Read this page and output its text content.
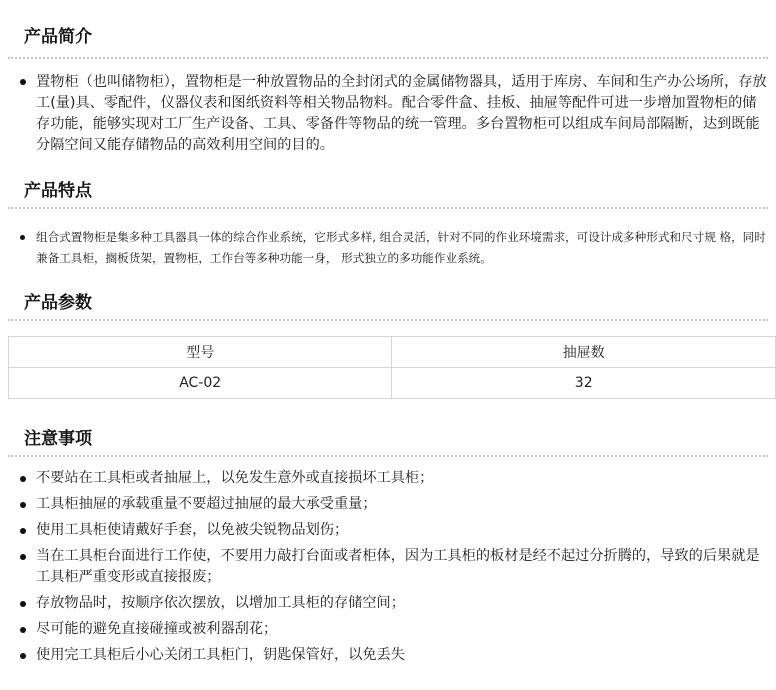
产品简介
置物柜（也叫储物柜），置物柜是一种放置物品的全封闭式的金属储物器具，适用于库房、车间和生产办公场所，存放工(量)具、零配件，仪器仪表和图纸资料等相关物品物料。配合零件盒、挂板、抽屉等配件可进一步增加置物柜的储存功能，能够实现对工厂生产设备、工具、零备件等物品的统一管理。多台置物柜可以组成车间局部隔断，达到既能分隔空间又能存储物品的高效利用空间的目的。
产品特点
组合式置物柜是集多种工具器具一体的综合作业系统，它形式多样, 组合灵活，针对不同的作业环境需求，可设计成多种形式和尺寸规 格，同时兼备工具柜，搁板货架，置物柜，工作台等多种功能一身， 形式独立的多功能作业系统。
产品参数
型号	抽屉数
AC-02	32
注意事项
不要站在工具柜或者抽屉上，以免发生意外或直接损坏工具柜；
工具柜抽屉的承载重量不要超过抽屉的最大承受重量；
使用工具柜使请戴好手套，以免被尖锐物品划伤；
当在工具柜台面进行工作使，不要用力敲打台面或者柜体，因为工具柜的板材是经不起过分折腾的，导致的后果就是工具柜严重变形或直接报废；
存放物品时，按顺序依次摆放，以增加工具柜的存储空间；
尽可能的避免直接碰撞或被利器刮花；
使用完工具柜后小心关闭工具柜门，钥匙保管好，以免丢失
